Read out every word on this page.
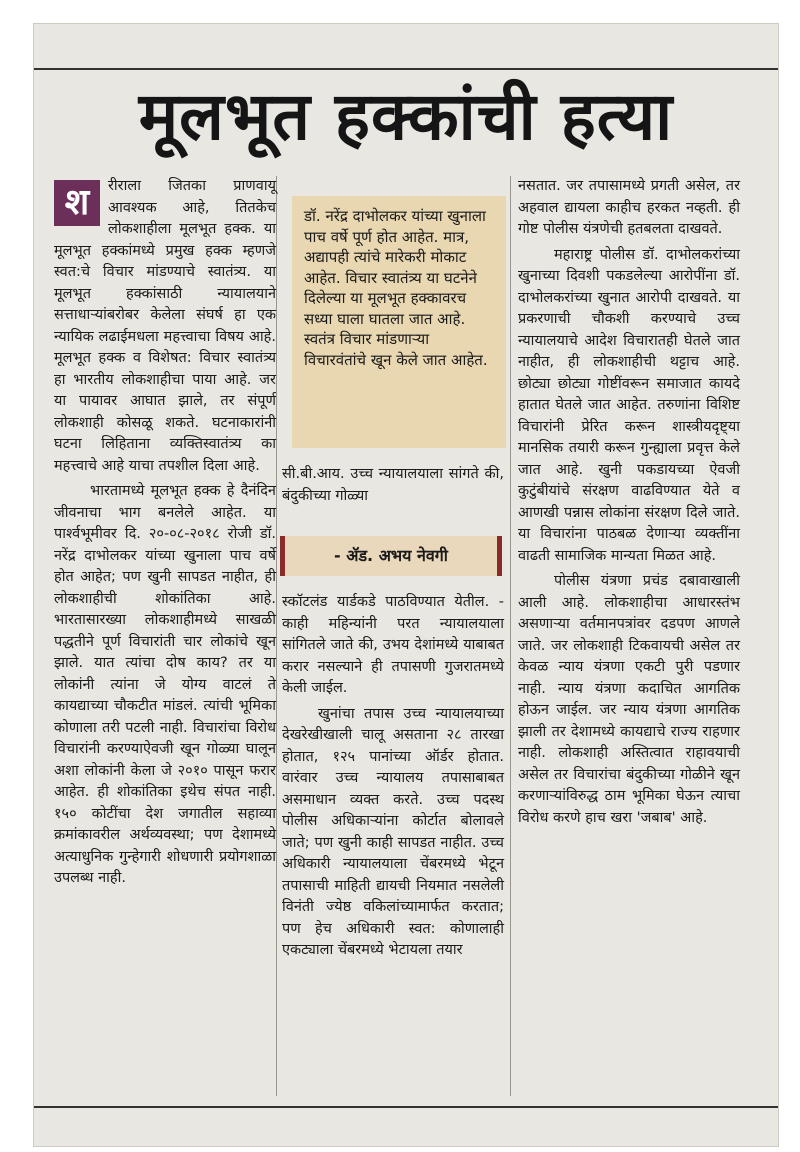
मूलभूत हक्कांची हत्या

श	रीराला जितका प्राणवायू आवश्यक आहे, तितकेच लोकशाहीला मूलभूत हक्क. या मूलभूत हक्कांमध्ये प्रमुख हक्क म्हणजे स्वत:चे विचार मांडण्याचे स्वातंत्र्य. या मूलभूत हक्कांसाठी न्यायालयाने सत्ताधाऱ्यांबरोबर केलेला संघर्ष हा एक न्यायिक लढाईमधला महत्त्वाचा विषय आहे. मूलभूत हक्क व विशेषत: विचार स्वातंत्र्य हा भारतीय लोकशाहीचा पाया आहे. जर या पायावर आघात झाले, तर संपूर्ण लोकशाही कोसळू शकते. घटनाकारांनी घटना लिहिताना व्यक्तिस्वातंत्र्य का महत्त्वाचे आहे याचा तपशील दिला आहे.

भारतामध्ये मूलभूत हक्क हे दैनंदिन जीवनाचा भाग बनलेले आहेत. या पार्श्वभूमीवर दि. २०-०८-२०१८ रोजी डॉ. नरेंद्र दाभोलकर यांच्या खुनाला पाच वर्षे होत आहेत; पण खुनी सापडत नाहीत, ही लोकशाहीची शोकांतिका आहे. भारतासारख्या लोकशाहीमध्ये साखळी पद्धतीने पूर्ण विचारांती चार लोकांचे खून झाले. यात त्यांचा दोष काय? तर या लोकांनी त्यांना जे योग्य वाटलं ते कायद्याच्या चौकटीत मांडलं. त्यांची भूमिका कोणाला तरी पटली नाही. विचारांचा विरोध विचारांनी करण्याऐवजी खून गोळ्या घालून अशा लोकांनी केला जे २०१० पासून फरार आहेत. ही शोकांतिका इथेच संपत नाही. १५० कोटींचा देश जगातील सहाव्या क्रमांकावरील अर्थव्यवस्था; पण देशामध्ये अत्याधुनिक गुन्हेगारी शोधणारी प्रयोगशाळा उपलब्ध नाही.

डॉ. नरेंद्र दाभोलकर यांच्या खुनाला पाच वर्षे पूर्ण होत आहेत. मात्र, अद्यापही त्यांचे मारेकरी मोकाट आहेत. विचार स्वातंत्र्य या घटनेने दिलेल्या या मूलभूत हक्कावरच सध्या घाला घातला जात आहे. स्वतंत्र विचार मांडणाऱ्या विचारवंतांचे खून केले जात आहेत.

सी.बी.आय. उच्च न्यायालयाला सांगते की, बंदुकीच्या गोळ्या

- ॲड. अभय नेवगी

स्कॉटलंड यार्डकडे पाठविण्यात येतील. - काही महिन्यांनी परत न्यायालयाला सांगितले जाते की, उभय देशांमध्ये याबाबत करार नसल्याने ही तपासणी गुजरातमध्ये केली जाईल.

खुनांचा तपास उच्च न्यायालयाच्या देखरेखीखाली चालू असताना २८ तारखा होतात, १२५ पानांच्या ऑर्डर होतात. वारंवार उच्च न्यायालय तपासाबाबत असमाधान व्यक्त करते. उच्च पदस्थ पोलीस अधिकाऱ्यांना कोर्टात बोलावले जाते; पण खुनी काही सापडत नाहीत. उच्च अधिकारी न्यायालयाला चेंबरमध्ये भेटून तपासाची माहिती द्यायची नियमात नसलेली विनंती ज्येष्ठ वकिलांच्यामार्फत करतात; पण हेच अधिकारी स्वत: कोणालाही एकट्याला चेंबरमध्ये भेटायला तयार

नसतात. जर तपासामध्ये प्रगती असेल, तर अहवाल द्यायला काहीच हरकत नव्हती. ही गोष्ट पोलीस यंत्रणेची हतबलता दाखवते.

महाराष्ट्र पोलीस डॉ. दाभोलकरांच्या खुनाच्या दिवशी पकडलेल्या आरोपींना डॉ. दाभोलकरांच्या खुनात आरोपी दाखवते. या प्रकरणाची चौकशी करण्याचे उच्च न्यायालयाचे आदेश विचारातही घेतले जात नाहीत, ही लोकशाहीची थट्टाच आहे. छोट्या छोट्या गोष्टींवरून समाजात कायदे हातात घेतले जात आहेत. तरुणांना विशिष्ट विचारांनी प्रेरित करून शास्त्रीयदृष्ट्या मानसिक तयारी करून गुन्ह्याला प्रवृत्त केले जात आहे. खुनी पकडायच्या ऐवजी कुटुंबीयांचे संरक्षण वाढविण्यात येते व आणखी पन्नास लोकांना संरक्षण दिले जाते. या विचारांना पाठबळ देणाऱ्या व्यक्तींना वाढती सामाजिक मान्यता मिळत आहे.

पोलीस यंत्रणा प्रचंड दबावाखाली आली आहे. लोकशाहीचा आधारस्तंभ असणाऱ्या वर्तमानपत्रांवर दडपण आणले जाते. जर लोकशाही टिकवायची असेल तर केवळ न्याय यंत्रणा एकटी पुरी पडणार नाही. न्याय यंत्रणा कदाचित आगतिक होऊन जाईल. जर न्याय यंत्रणा आगतिक झाली तर देशामध्ये कायद्याचे राज्य राहणार नाही. लोकशाही अस्तित्वात राहावयाची असेल तर विचारांचा बंदुकीच्या गोळीने खून करणाऱ्यांविरुद्ध ठाम भूमिका घेऊन त्याचा विरोध करणे हाच खरा 'जबाब' आहे.
